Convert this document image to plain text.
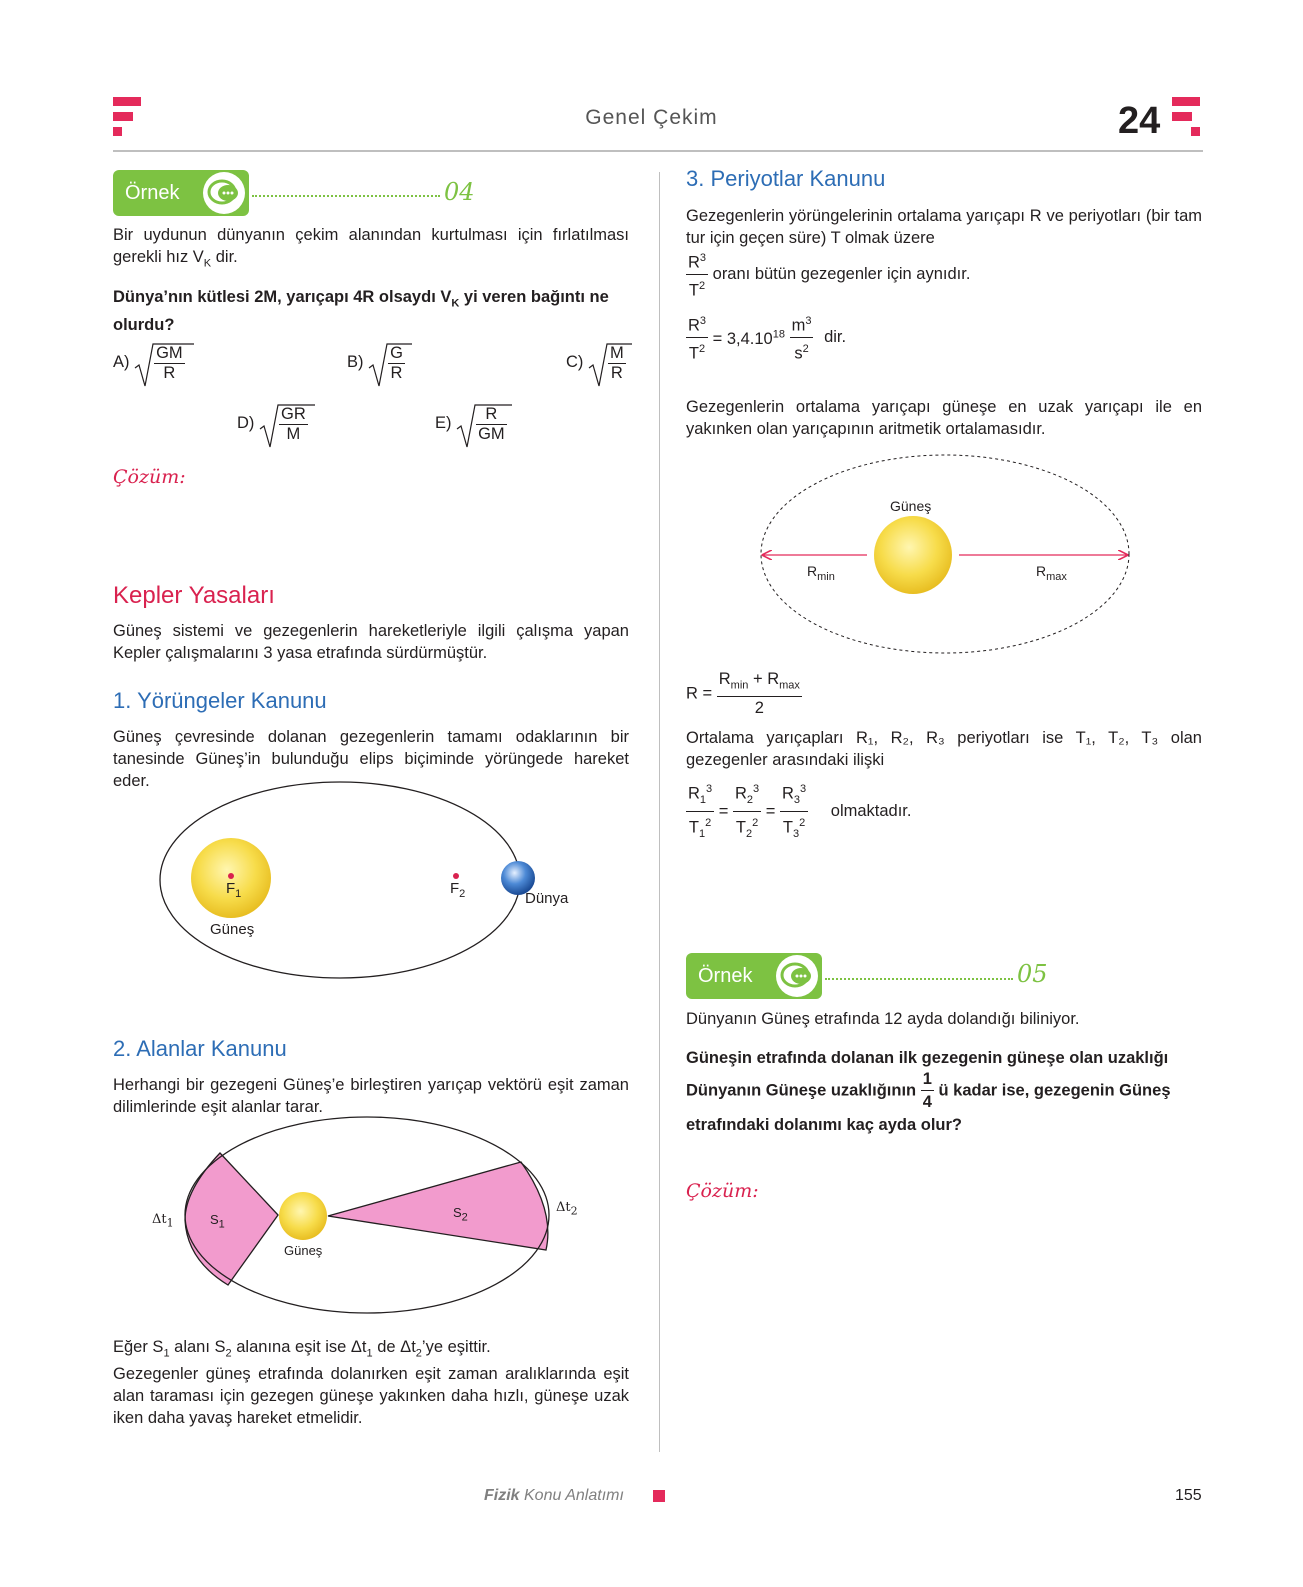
Genel Çekim	24
Örnek	04
Bir uydunun dünyanın çekim alanından kurtulması için fırlatılması gerekli hız $V_K$ dir.
Dünya’nın kütlesi 2M, yarıçapı 4R olsaydı $V_K$ yi veren bağıntı ne olurdu?
$A) \frac{GM}{R}$	$B) \frac{G}{R}$	$C) \frac{M}{R}$
$D) \frac{GR}{M}$	$E) \frac{R}{GM}$
Çözüm:
Kepler Yasaları
Güneş sistemi ve gezegenlerin hareketleriyle ilgili çalışma yapan Kepler çalışmalarını 3 yasa etrafında sürdürmüştür.
1. Yörüngeler Kanunu
Güneş çevresinde dolanan gezegenlerin tamamı odaklarının bir tanesinde Güneş’in bulunduğu elips biçiminde yörüngede hareket eder.
$F_1$	$F_2$
Güneş
Dünya
2. Alanlar Kanunu
Herhangi bir gezegeni Güneş’e birleştiren yarıçap vektörü eşit zaman dilimlerinde eşit alanlar tarar.
$\Delta t_1$	$S_1$
$S_2$
$\Delta t_2$
Güneş
Eğer $S_1$ alanı $S_2$ alanına eşit ise $\Delta t_1$ de $\Delta t_2’ye$ eşittir.
Gezegenler güneş etrafında dolanırken eşit zaman aralıklarında eşit alan taraması için gezegen güneşe yakınken daha hızlı, güneşe uzak iken daha yavaş hareket etmelidir.
3. Periyotlar Kanunu
Gezegenlerin yörüngelerinin ortalama yarıçapı R ve periyotları (bir tam tur için geçen süre) T olmak üzere
$\frac{R^3}{T^2}$ oranı bütün gezegenler için aynıdır.
$\frac{R^3}{T^2} = 3,4.10^{18} \frac{m^3}{s^2}$ dir.
Gezegenlerin ortalama yarıçapı güneşe en uzak yarıçapı ile en yakınken olan yarıçapının aritmetik ortalamasıdır.
Güneş
$R_{min}$	$R_{max}$
$R = \frac{R_{min} + R_{max}}{2}$
Ortalama yarıçapları R₁, R₂, R₃ periyotları ise T₁, T₂, T₃ olan gezegenler arasındaki ilişki
$\frac{R_1^3}{T_1^2} = \frac{R_2^3}{T_2^2} = \frac{R_3^3}{T_3^2}$ olmaktadır.
Örnek	05
Dünyanın Güneş etrafında 12 ayda dolandığı biliniyor.
Güneşin etrafında dolanan ilk gezegenin güneşe olan uzaklığı
Dünyanın Güneşe uzaklığının $\frac{1}{4}$ ü kadar ise, gezegenin Güneş
etrafındaki dolanımı kaç ayda olur?
Çözüm:
Fizik Konu Anlatımı	155
